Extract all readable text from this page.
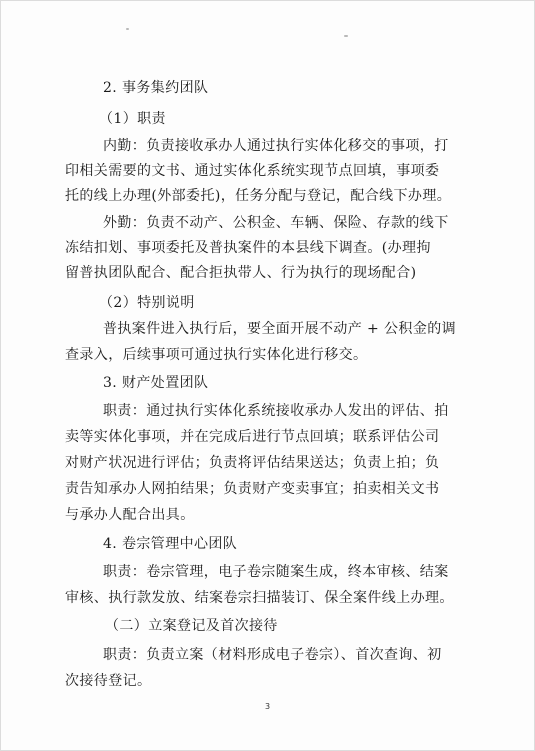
2. 事务集约团队
（1）职责
内勤：负责接收承办人通过执行实体化移交的事项，打
印相关需要的文书、通过实体化系统实现节点回填，事项委
托的线上办理(外部委托)，任务分配与登记，配合线下办理。
外勤：负责不动产、公积金、车辆、保险、存款的线下
冻结扣划、事项委托及普执案件的本县线下调查。(办理拘
留普执团队配合、配合拒执带人、行为执行的现场配合)
（2）特别说明
普执案件进入执行后，要全面开展不动产 + 公积金的调
查录入，后续事项可通过执行实体化进行移交。
3. 财产处置团队
职责：通过执行实体化系统接收承办人发出的评估、拍
卖等实体化事项，并在完成后进行节点回填；联系评估公司
对财产状况进行评估；负责将评估结果送达；负责上拍；负
责告知承办人网拍结果；负责财产变卖事宜；拍卖相关文书
与承办人配合出具。
4. 卷宗管理中心团队
职责：卷宗管理，电子卷宗随案生成，终本审核、结案
审核、执行款发放、结案卷宗扫描装订、保全案件线上办理。
（二）立案登记及首次接待
职责：负责立案（材料形成电子卷宗）、首次查询、初
次接待登记。
3
